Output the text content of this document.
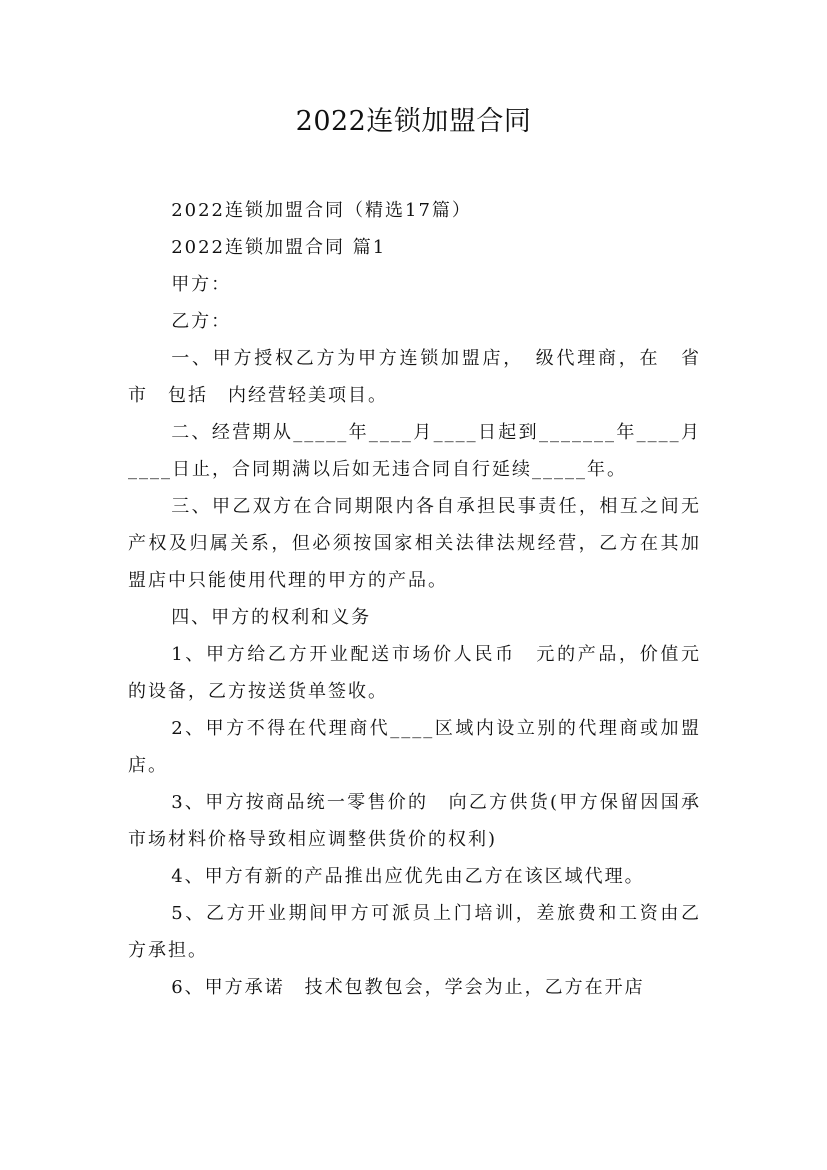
2022连锁加盟合同

2022连锁加盟合同（精选17篇）

2022连锁加盟合同 篇1

甲方：

乙方：

一、甲方授权乙方为甲方连锁加盟店，　级代理商，在　省　市　包括　内经营轻美项目。

二、经营期从_____年____月____日起到_______年____月____日止，合同期满以后如无违合同自行延续_____年。

三、甲乙双方在合同期限内各自承担民事责任，相互之间无产权及归属关系，但必须按国家相关法律法规经营，乙方在其加盟店中只能使用代理的甲方的产品。

四、甲方的权利和义务

1、甲方给乙方开业配送市场价人民币　元的产品，价值元的设备，乙方按送货单签收。

2、甲方不得在代理商代____区域内设立别的代理商或加盟店。

3、甲方按商品统一零售价的　向乙方供货(甲方保留因国承市场材料价格导致相应调整供货价的权利)

4、甲方有新的产品推出应优先由乙方在该区域代理。

5、乙方开业期间甲方可派员上门培训，差旅费和工资由乙方承担。

6、甲方承诺　技术包教包会，学会为止，乙方在开店
